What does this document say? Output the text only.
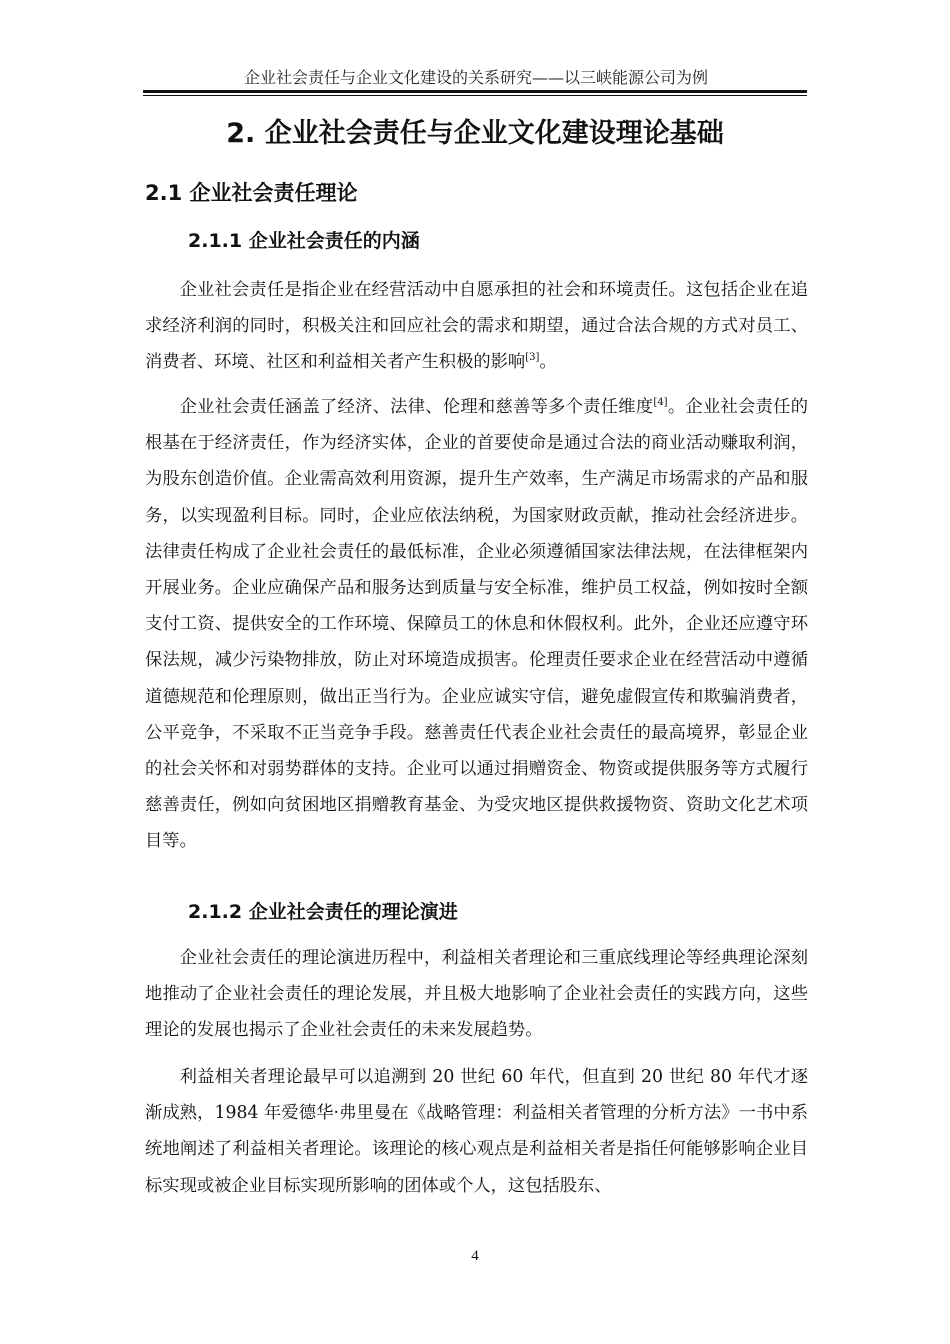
企业社会责任与企业文化建设的关系研究——以三峡能源公司为例
2. 企业社会责任与企业文化建设理论基础
2.1 企业社会责任理论
2.1.1 企业社会责任的内涵

企业社会责任是指企业在经营活动中自愿承担的社会和环境责任。这包括企业在追求经济利润的同时，积极关注和回应社会的需求和期望，通过合法合规的方式对员工、消费者、环境、社区和利益相关者产生积极的影响[3]。

企业社会责任涵盖了经济、法律、伦理和慈善等多个责任维度[4]。企业社会责任的根基在于经济责任，作为经济实体，企业的首要使命是通过合法的商业活动赚取利润，为股东创造价值。企业需高效利用资源，提升生产效率，生产满足市场需求的产品和服务，以实现盈利目标。同时，企业应依法纳税，为国家财政贡献，推动社会经济进步。法律责任构成了企业社会责任的最低标准，企业必须遵循国家法律法规，在法律框架内开展业务。企业应确保产品和服务达到质量与安全标准，维护员工权益，例如按时全额支付工资、提供安全的工作环境、保障员工的休息和休假权利。此外，企业还应遵守环保法规，减少污染物排放，防止对环境造成损害。伦理责任要求企业在经营活动中遵循道德规范和伦理原则，做出正当行为。企业应诚实守信，避免虚假宣传和欺骗消费者，公平竞争，不采取不正当竞争手段。慈善责任代表企业社会责任的最高境界，彰显企业的社会关怀和对弱势群体的支持。企业可以通过捐赠资金、物资或提供服务等方式履行慈善责任，例如向贫困地区捐赠教育基金、为受灾地区提供救援物资、资助文化艺术项目等。

2.1.2 企业社会责任的理论演进

企业社会责任的理论演进历程中，利益相关者理论和三重底线理论等经典理论深刻地推动了企业社会责任的理论发展，并且极大地影响了企业社会责任的实践方向，这些理论的发展也揭示了企业社会责任的未来发展趋势。

利益相关者理论最早可以追溯到 20 世纪 60 年代，但直到 20 世纪 80 年代才逐渐成熟，1984 年爱德华·弗里曼在《战略管理：利益相关者管理的分析方法》一书中系统地阐述了利益相关者理论。该理论的核心观点是利益相关者是指任何能够影响企业目标实现或被企业目标实现所影响的团体或个人，这包括股东、

4
